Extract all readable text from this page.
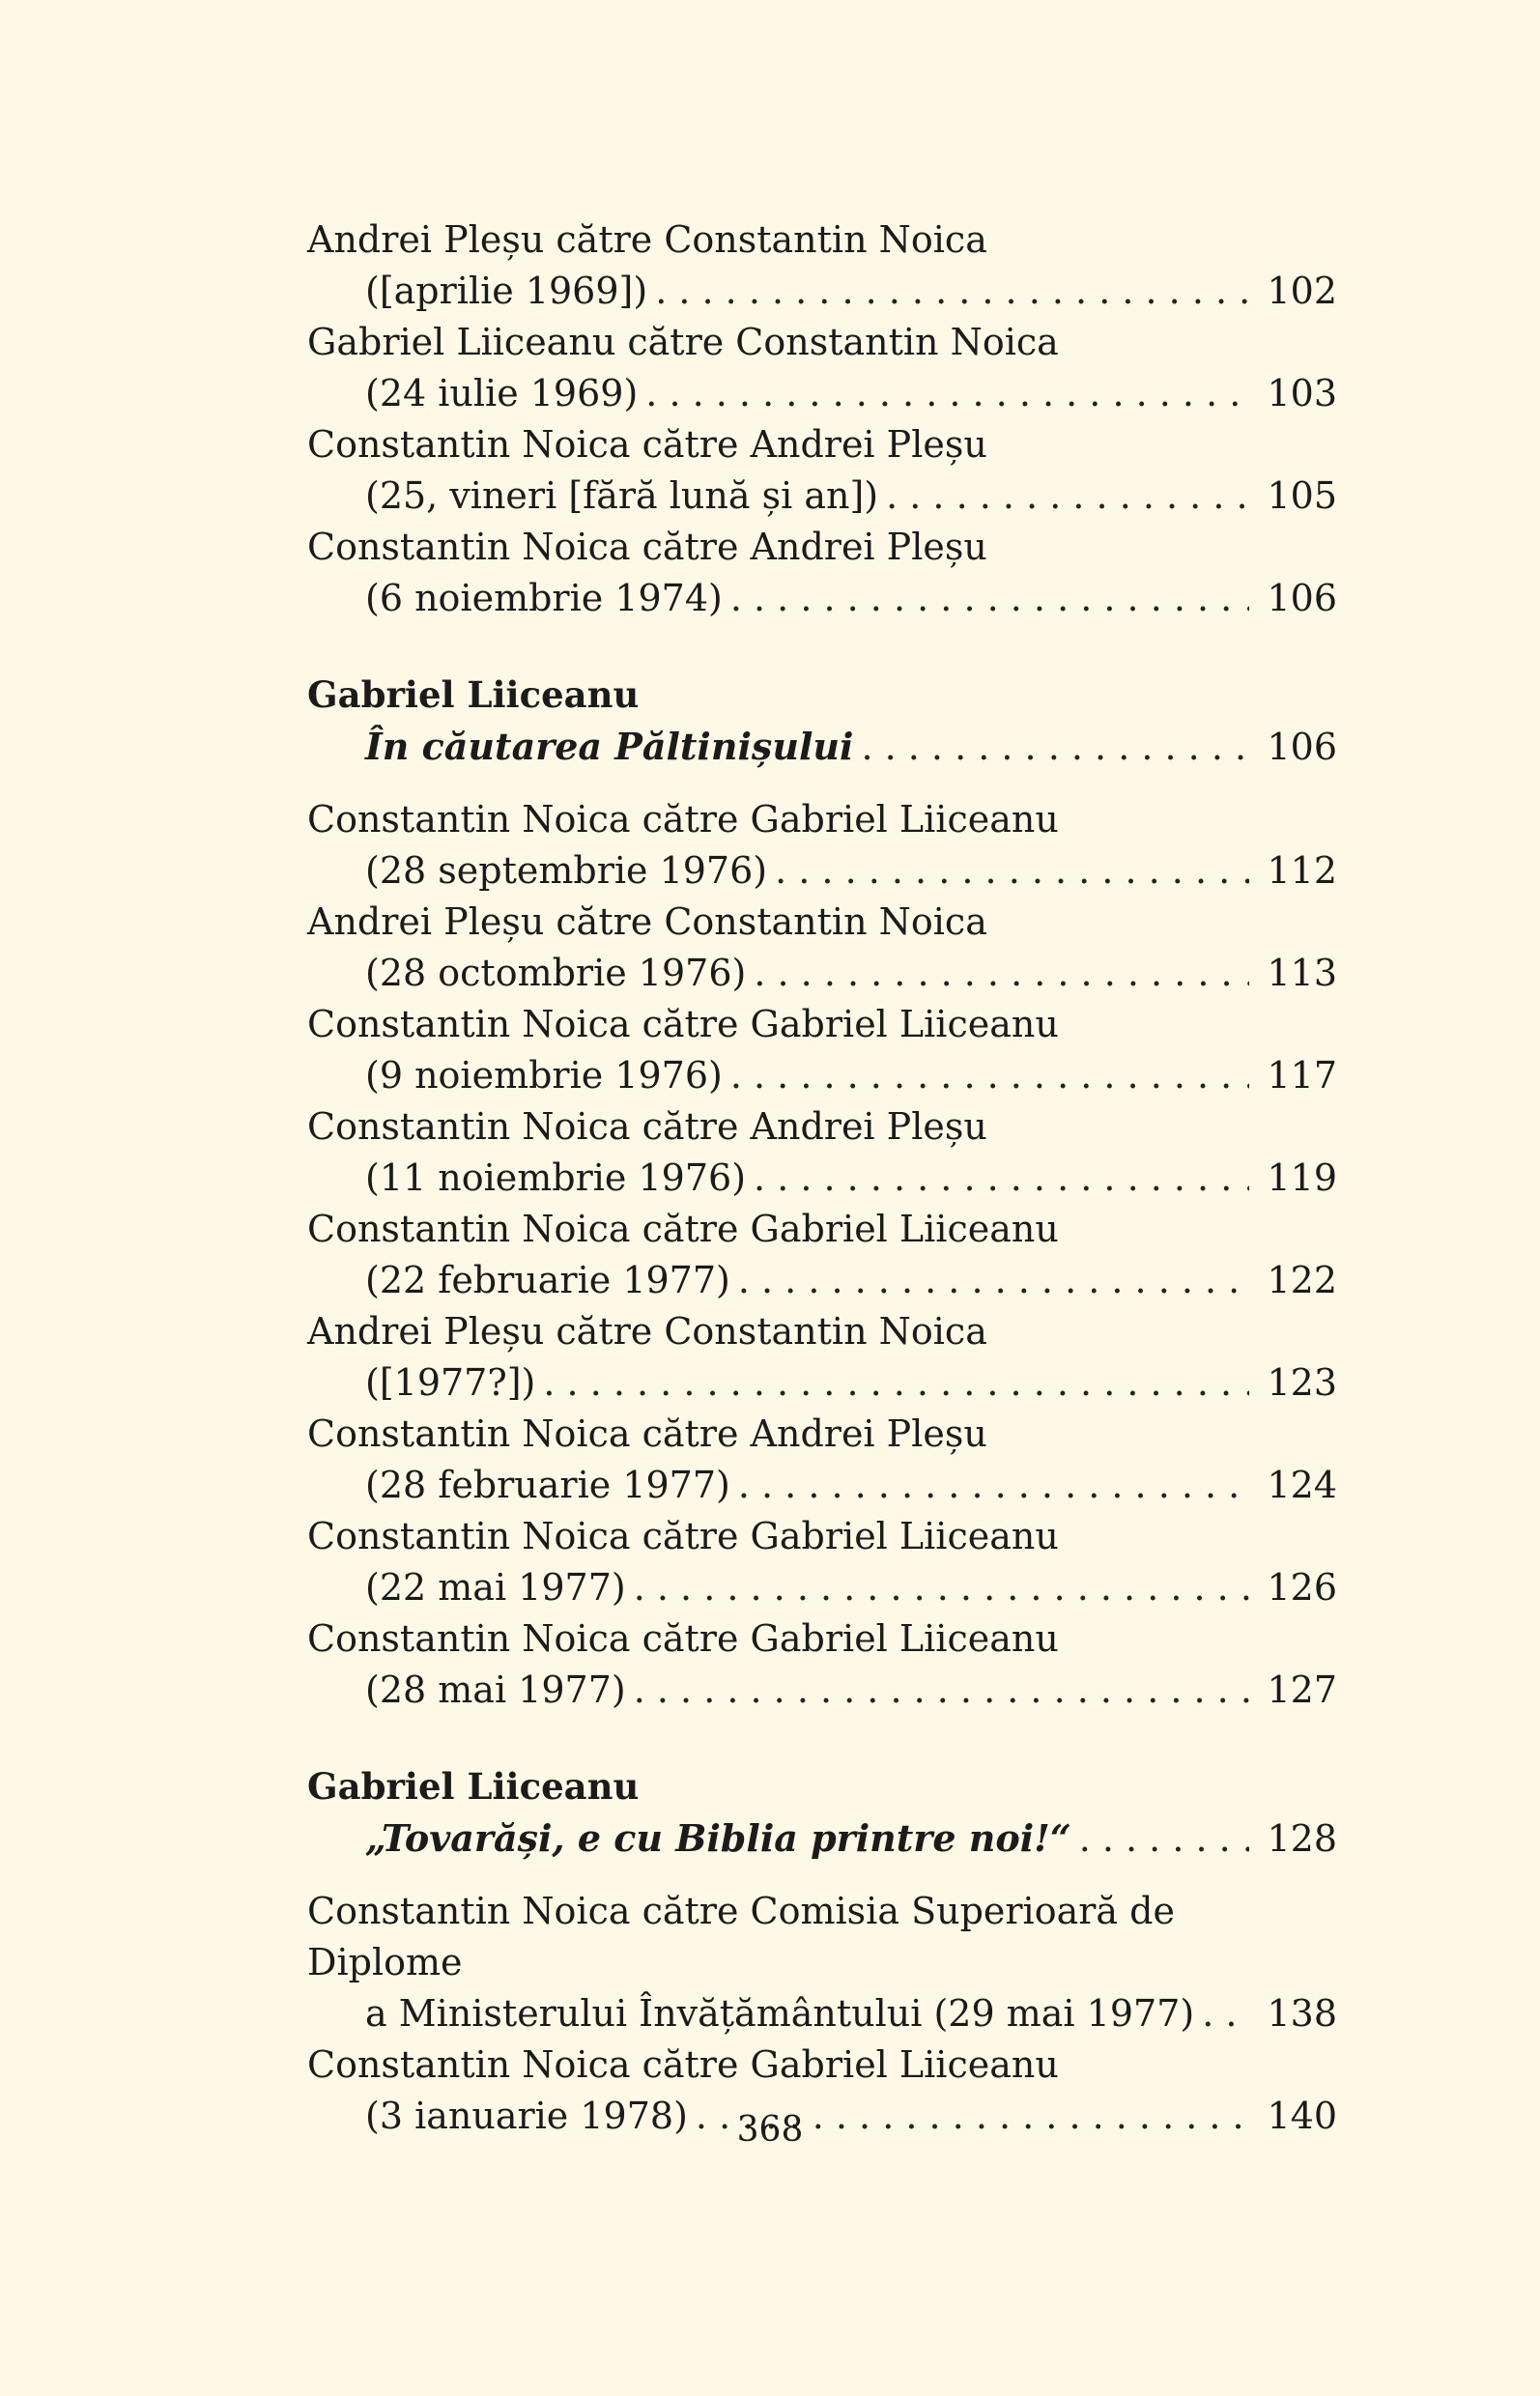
Andrei Pleșu către Constantin Noica
([aprilie 1969]) . . .	102
Gabriel Liiceanu către Constantin Noica
(24 iulie 1969) . . .	103
Constantin Noica către Andrei Pleșu
(25, vineri [fără lună și an]) . . .	105
Constantin Noica către Andrei Pleșu
(6 noiembrie 1974) . . .	106
Gabriel Liiceanu
În căutarea Păltinișului . . .	106
Constantin Noica către Gabriel Liiceanu
(28 septembrie 1976) . . .	112
Andrei Pleșu către Constantin Noica
(28 octombrie 1976) . . .	113
Constantin Noica către Gabriel Liiceanu
(9 noiembrie 1976) . . .	117
Constantin Noica către Andrei Pleșu
(11 noiembrie 1976) . . .	119
Constantin Noica către Gabriel Liiceanu
(22 februarie 1977) . . .	122
Andrei Pleșu către Constantin Noica
([1977?]) . . .	123
Constantin Noica către Andrei Pleșu
(28 februarie 1977) . . .	124
Constantin Noica către Gabriel Liiceanu
(22 mai 1977) . . .	126
Constantin Noica către Gabriel Liiceanu
(28 mai 1977) . . .	127
Gabriel Liiceanu
„Tovarăși, e cu Biblia printre noi!“ . . .	128
Constantin Noica către Comisia Superioară de Diplome
a Ministerului Învățământului (29 mai 1977) . . . 138
Constantin Noica către Gabriel Liiceanu
(3 ianuarie 1978) . . .	140
368
